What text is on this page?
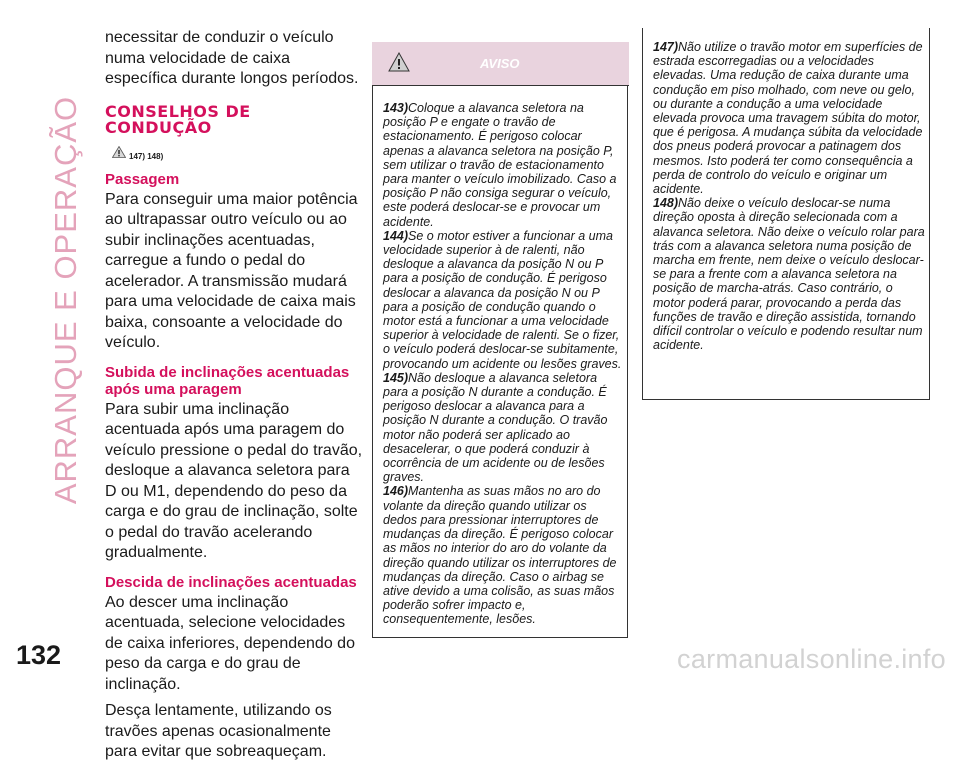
ARRANQUE E OPERAÇÃO
132

necessitar de conduzir o veículo numa velocidade de caixa específica durante longos períodos.

CONSELHOS DE
CONDUÇÃO
147) 148)
Passagem

Para conseguir uma maior potência ao ultrapassar outro veículo ou ao subir inclinações acentuadas, carregue a fundo o pedal do acelerador. A transmissão mudará para uma velocidade de caixa mais baixa, consoante a velocidade do veículo.

Subida de inclinações acentuadas após uma paragem

Para subir uma inclinação acentuada após uma paragem do veículo pressione o pedal do travão, desloque a alavanca seletora para D ou M1, dependendo do peso da carga e do grau de inclinação, solte o pedal do travão acelerando gradualmente.

Descida de inclinações acentuadas

Ao descer uma inclinação acentuada, selecione velocidades de caixa inferiores, dependendo do peso da carga e do grau de inclinação.

Desça lentamente, utilizando os travões apenas ocasionalmente para evitar que sobreaqueçam.

AVISO

143)Coloque a alavanca seletora na posição P e engate o travão de estacionamento. É perigoso colocar apenas a alavanca seletora na posição P, sem utilizar o travão de estacionamento para manter o veículo imobilizado. Caso a posição P não consiga segurar o veículo, este poderá deslocar-se e provocar um acidente.

144)Se o motor estiver a funcionar a uma velocidade superior à de ralenti, não desloque a alavanca da posição N ou P para a posição de condução. É perigoso deslocar a alavanca da posição N ou P para a posição de condução quando o motor está a funcionar a uma velocidade superior à velocidade de ralenti. Se o fizer, o veículo poderá deslocar-se subitamente, provocando um acidente ou lesões graves.

145)Não desloque a alavanca seletora para a posição N durante a condução. É perigoso deslocar a alavanca para a posição N durante a condução. O travão motor não poderá ser aplicado ao desacelerar, o que poderá conduzir à ocorrência de um acidente ou de lesões graves.

146)Mantenha as suas mãos no aro do volante da direção quando utilizar os dedos para pressionar interruptores de mudanças da direção. É perigoso colocar as mãos no interior do aro do volante da direção quando utilizar os interruptores de mudanças da direção. Caso o airbag se ative devido a uma colisão, as suas mãos poderão sofrer impacto e, consequentemente, lesões.

147)Não utilize o travão motor em superfícies de estrada escorregadias ou a velocidades elevadas. Uma redução de caixa durante uma condução em piso molhado, com neve ou gelo, ou durante a condução a uma velocidade elevada provoca uma travagem súbita do motor, que é perigosa. A mudança súbita da velocidade dos pneus poderá provocar a patinagem dos mesmos. Isto poderá ter como consequência a perda de controlo do veículo e originar um acidente.

148)Não deixe o veículo deslocar-se numa direção oposta à direção selecionada com a alavanca seletora. Não deixe o veículo rolar para trás com a alavanca seletora numa posição de marcha em frente, nem deixe o veículo deslocar-se para a frente com a alavanca seletora na posição de marcha-atrás. Caso contrário, o motor poderá parar, provocando a perda das funções de travão e direção assistida, tornando difícil controlar o veículo e podendo resultar num acidente.

carmanualsonline.info
